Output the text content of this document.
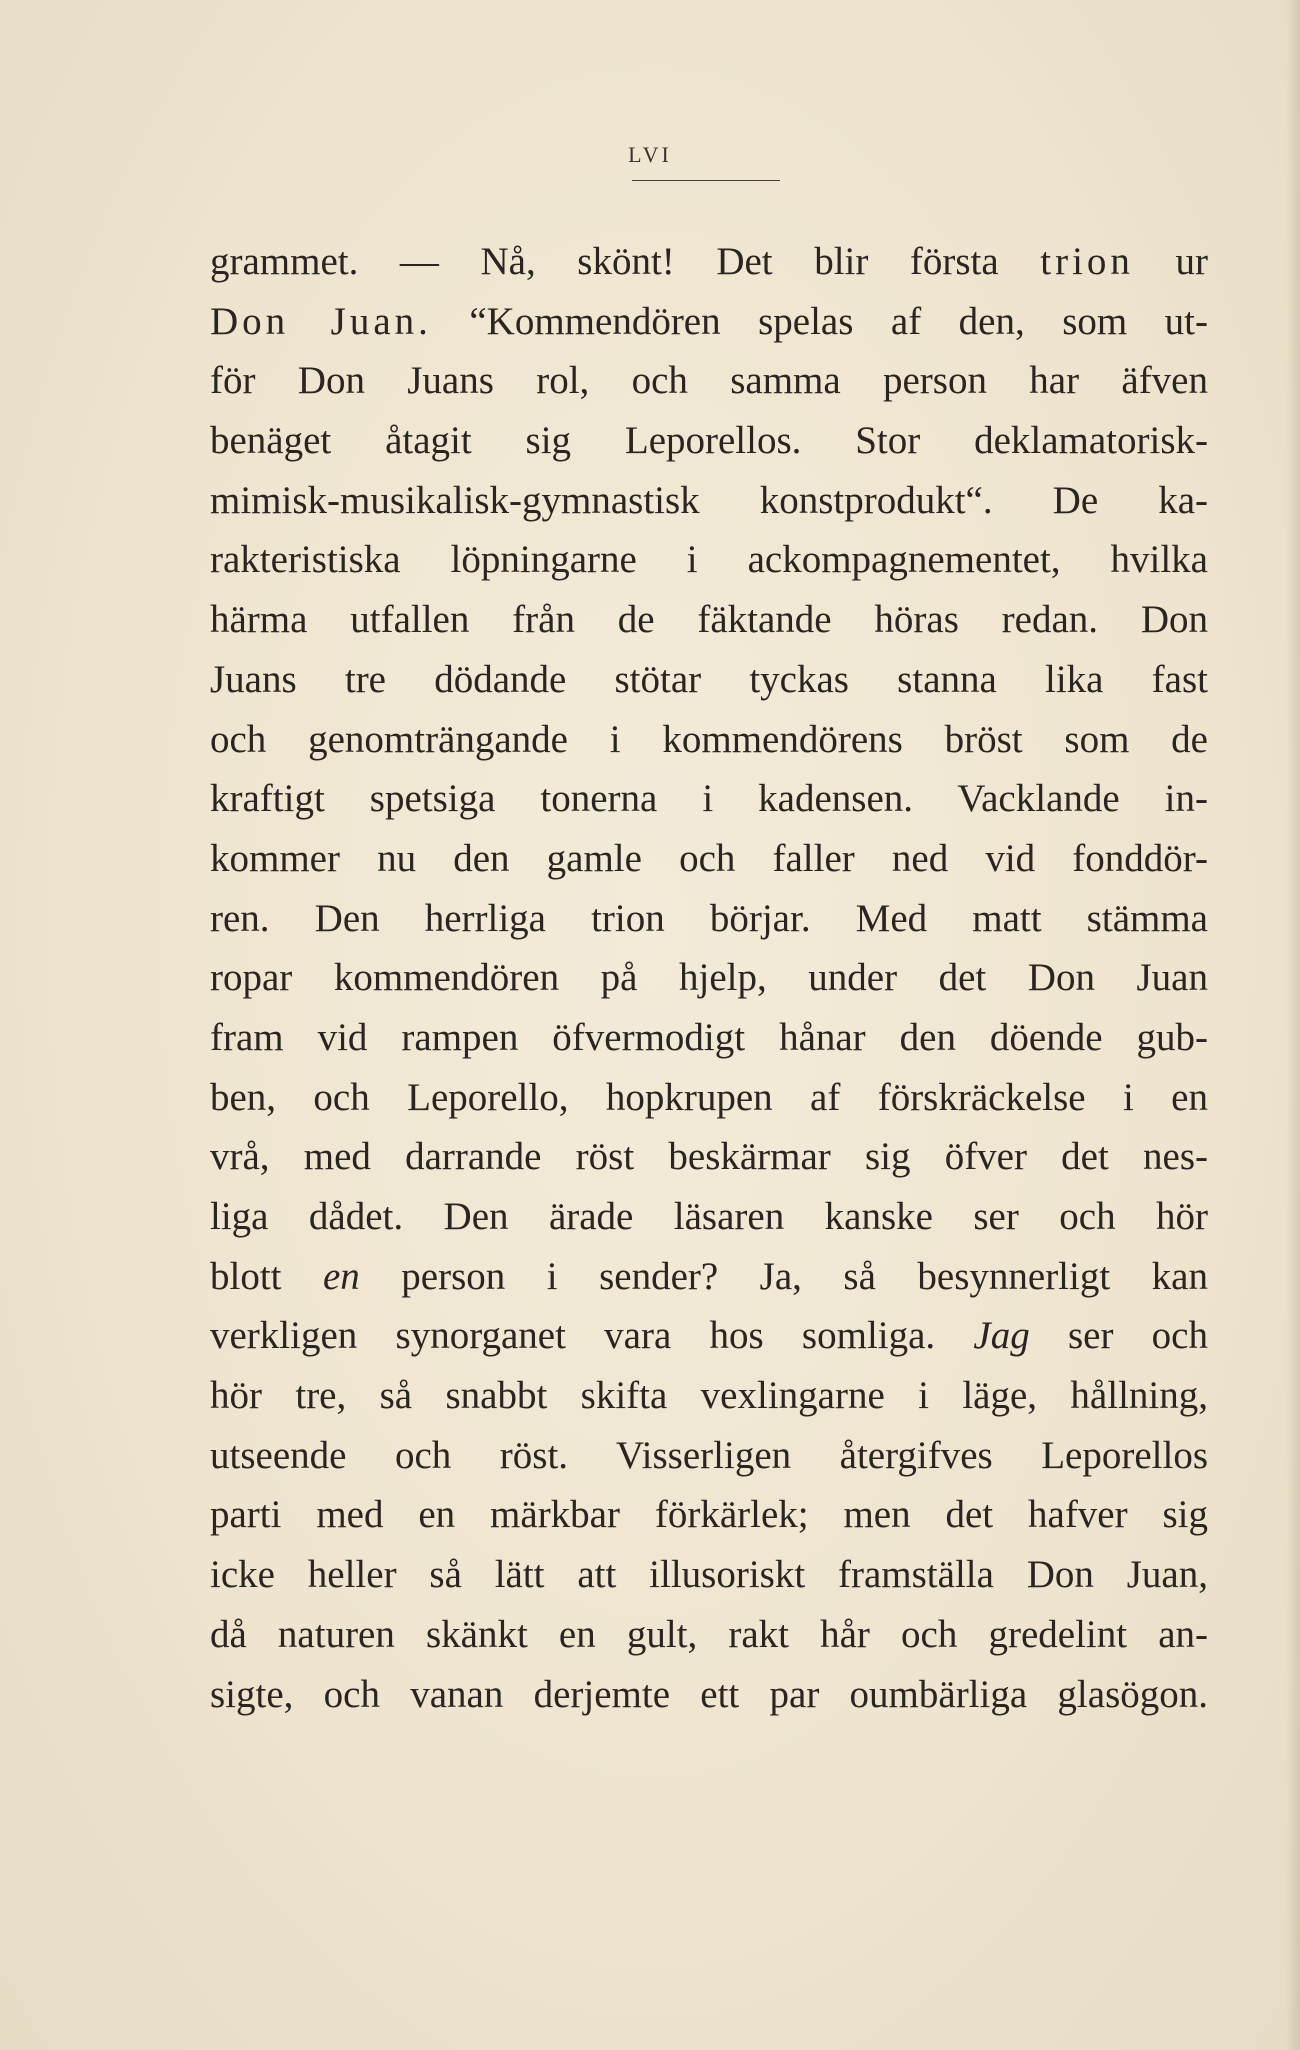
LVI
grammet. — Nå, skönt! Det blir första trion ur
Don Juan. “Kommendören spelas af den, som ut-
för Don Juans rol, och samma person har äfven
benäget åtagit sig Leporellos. Stor deklamatorisk-
mimisk-musikalisk-gymnastisk konstprodukt“. De ka-
rakteristiska löpningarne i ackompagnementet, hvilka
härma utfallen från de fäktande höras redan. Don
Juans tre dödande stötar tyckas stanna lika fast
och genomträngande i kommendörens bröst som de
kraftigt spetsiga tonerna i kadensen. Vacklande in-
kommer nu den gamle och faller ned vid fonddör-
ren. Den herrliga trion börjar. Med matt stämma
ropar kommendören på hjelp, under det Don Juan
fram vid rampen öfvermodigt hånar den döende gub-
ben, och Leporello, hopkrupen af förskräckelse i en
vrå, med darrande röst beskärmar sig öfver det nes-
liga dådet. Den ärade läsaren kanske ser och hör
blott en person i sender? Ja, så besynnerligt kan
verkligen synorganet vara hos somliga. Jag ser och
hör tre, så snabbt skifta vexlingarne i läge, hållning,
utseende och röst. Visserligen återgifves Leporellos
parti med en märkbar förkärlek; men det hafver sig
icke heller så lätt att illusoriskt framställa Don Juan,
då naturen skänkt en gult, rakt hår och gredelint an-
sigte, och vanan derjemte ett par oumbärliga glasögon.
